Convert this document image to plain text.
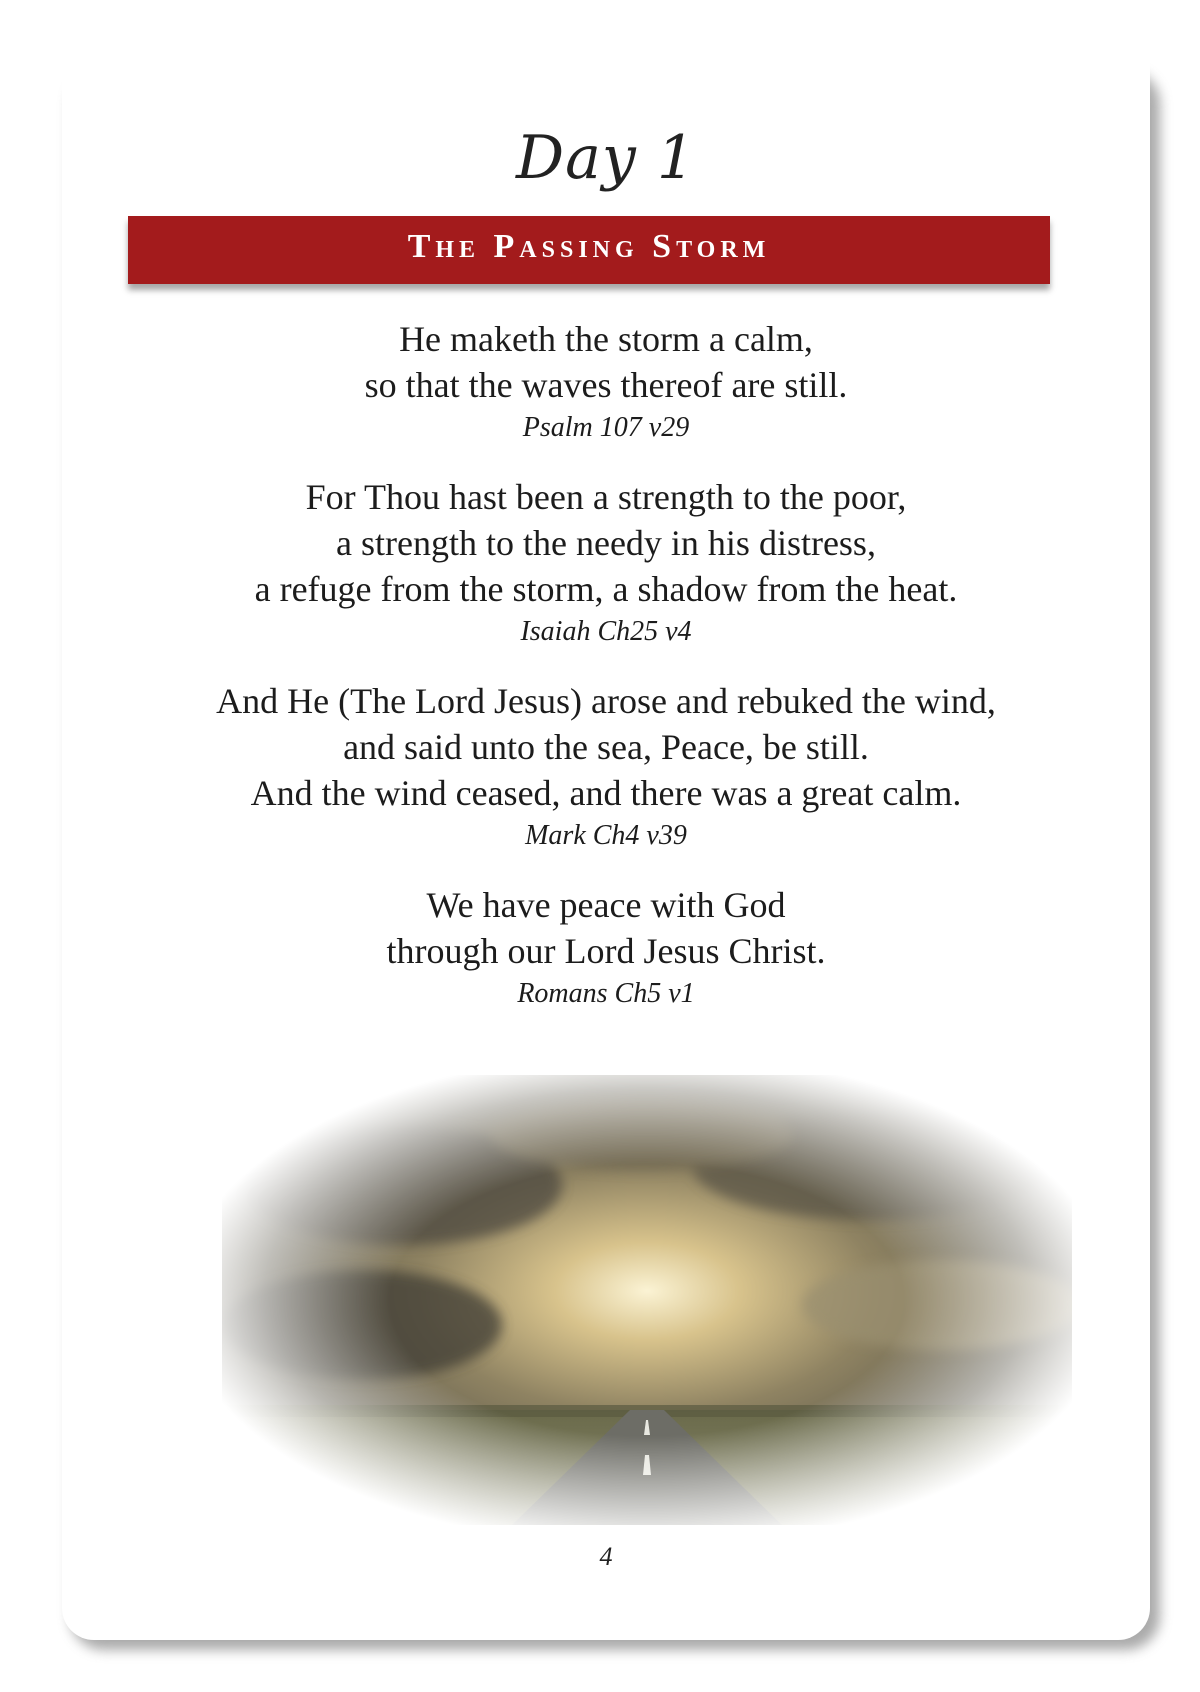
Day 1
The Passing Storm
He maketh the storm a calm,
so that the waves thereof are still.
Psalm 107 v29
For Thou hast been a strength to the poor,
a strength to the needy in his distress,
a refuge from the storm, a shadow from the heat.
Isaiah Ch25 v4
And He (The Lord Jesus) arose and rebuked the wind,
and said unto the sea, Peace, be still.
And the wind ceased, and there was a great calm.
Mark Ch4 v39
We have peace with God
through our Lord Jesus Christ.
Romans Ch5 v1
4
